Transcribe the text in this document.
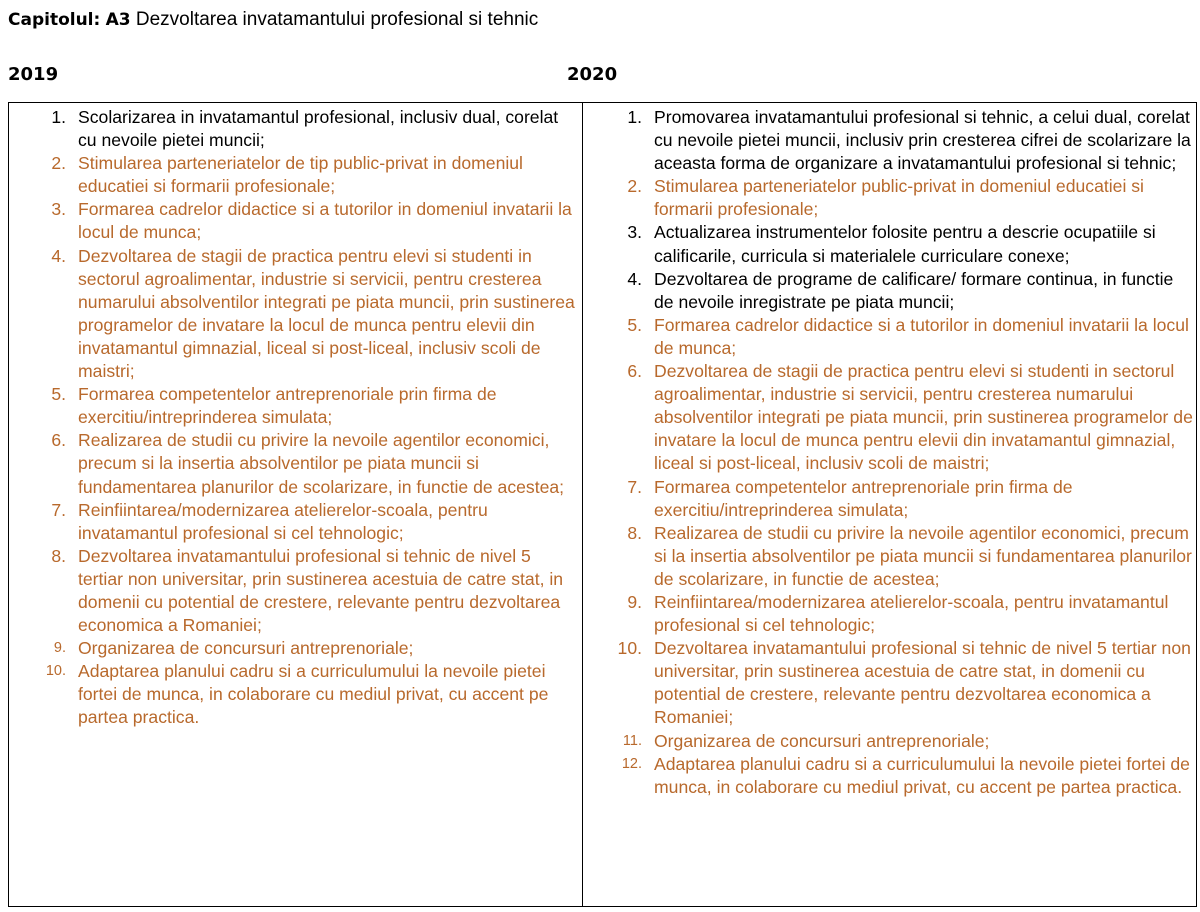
Capitolul: A3 Dezvoltarea invatamantului profesional si tehnic
2019	2020
1. Scolarizarea in invatamantul profesional, inclusiv dual, corelat cu nevoile pietei muncii;
2. Stimularea parteneriatelor de tip public-privat in domeniul educatiei si formarii profesionale;
3. Formarea cadrelor didactice si a tutorilor in domeniul invatarii la locul de munca;
4. Dezvoltarea de stagii de practica pentru elevi si studenti in sectorul agroalimentar, industrie si servicii, pentru cresterea numarului absolventilor integrati pe piata muncii, prin sustinerea programelor de invatare la locul de munca pentru elevii din invatamantul gimnazial, liceal si post-liceal, inclusiv scoli de maistri;
5. Formarea competentelor antreprenoriale prin firma de exercitiu/intreprinderea simulata;
6. Realizarea de studii cu privire la nevoile agentilor economici, precum si la insertia absolventilor pe piata muncii si fundamentarea planurilor de scolarizare, in functie de acestea;
7. Reinfiintarea/modernizarea atelierelor-scoala, pentru invatamantul profesional si cel tehnologic;
8. Dezvoltarea invatamantului profesional si tehnic de nivel 5 tertiar non universitar, prin sustinerea acestuia de catre stat, in domenii cu potential de crestere, relevante pentru dezvoltarea economica a Romaniei;
9. Organizarea de concursuri antreprenoriale;
10. Adaptarea planului cadru si a curriculumului la nevoile pietei fortei de munca, in colaborare cu mediul privat, cu accent pe partea practica.
1. Promovarea invatamantului profesional si tehnic, a celui dual, corelat cu nevoile pietei muncii, inclusiv prin cresterea cifrei de scolarizare la aceasta forma de organizare a invatamantului profesional si tehnic;
2. Stimularea parteneriatelor public-privat in domeniul educatiei si formarii profesionale;
3. Actualizarea instrumentelor folosite pentru a descrie ocupatiile si calificarile, curricula si materialele curriculare conexe;
4. Dezvoltarea de programe de calificare/ formare continua, in functie de nevoile inregistrate pe piata muncii;
5. Formarea cadrelor didactice si a tutorilor in domeniul invatarii la locul de munca;
6. Dezvoltarea de stagii de practica pentru elevi si studenti in sectorul agroalimentar, industrie si servicii, pentru cresterea numarului absolventilor integrati pe piata muncii, prin sustinerea programelor de invatare la locul de munca pentru elevii din invatamantul gimnazial, liceal si post-liceal, inclusiv scoli de maistri;
7. Formarea competentelor antreprenoriale prin firma de exercitiu/intreprinderea simulata;
8. Realizarea de studii cu privire la nevoile agentilor economici, precum si la insertia absolventilor pe piata muncii si fundamentarea planurilor de scolarizare, in functie de acestea;
9. Reinfiintarea/modernizarea atelierelor-scoala, pentru invatamantul profesional si cel tehnologic;
10. Dezvoltarea invatamantului profesional si tehnic de nivel 5 tertiar non universitar, prin sustinerea acestuia de catre stat, in domenii cu potential de crestere, relevante pentru dezvoltarea economica a Romaniei;
11. Organizarea de concursuri antreprenoriale;
12. Adaptarea planului cadru si a curriculumului la nevoile pietei fortei de munca, in colaborare cu mediul privat, cu accent pe partea practica.
